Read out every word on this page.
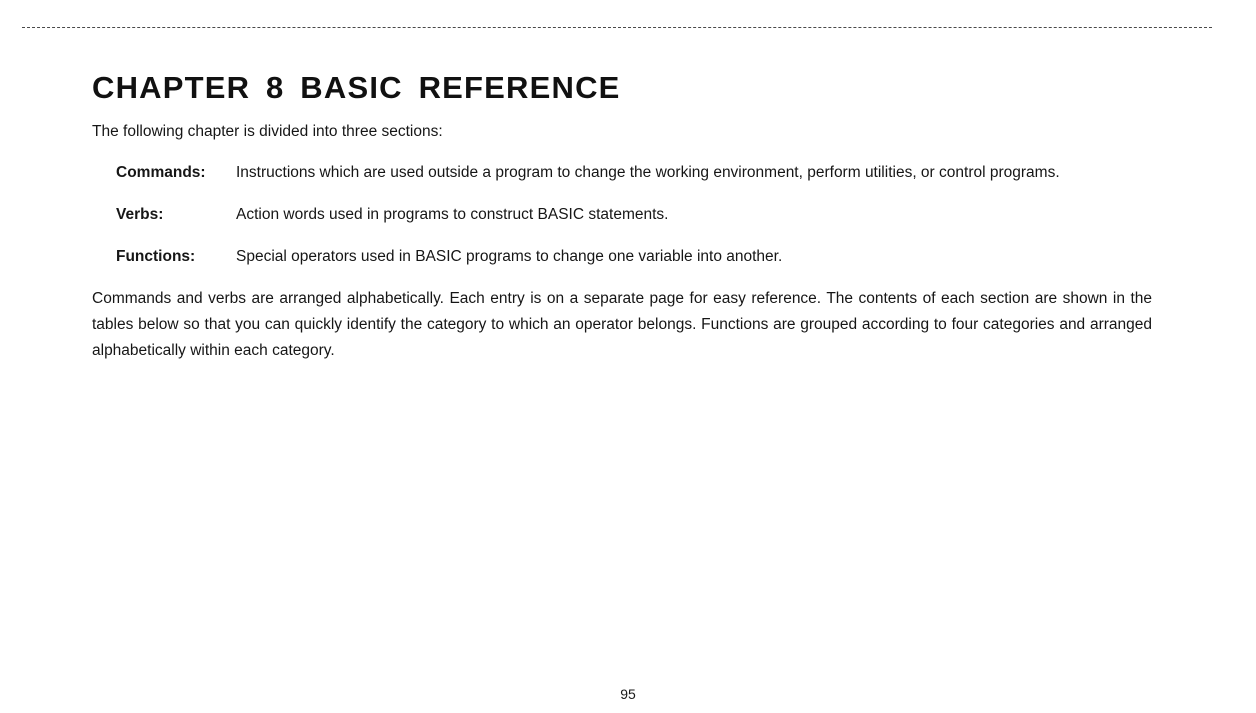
CHAPTER 8 BASIC REFERENCE

The following chapter is divided into three sections:

Commands:	Instructions which are used outside a program to change the working environment, perform utilities, or control programs.
Verbs:	Action words used in programs to construct BASIC statements.
Functions:	Special operators used in BASIC programs to change one variable into another.

Commands and verbs are arranged alphabetically. Each entry is on a separate page for easy reference. The contents of each section are shown in the tables below so that you can quickly identify the category to which an operator belongs. Functions are grouped according to four categories and arranged alphabetically within each category.

95
